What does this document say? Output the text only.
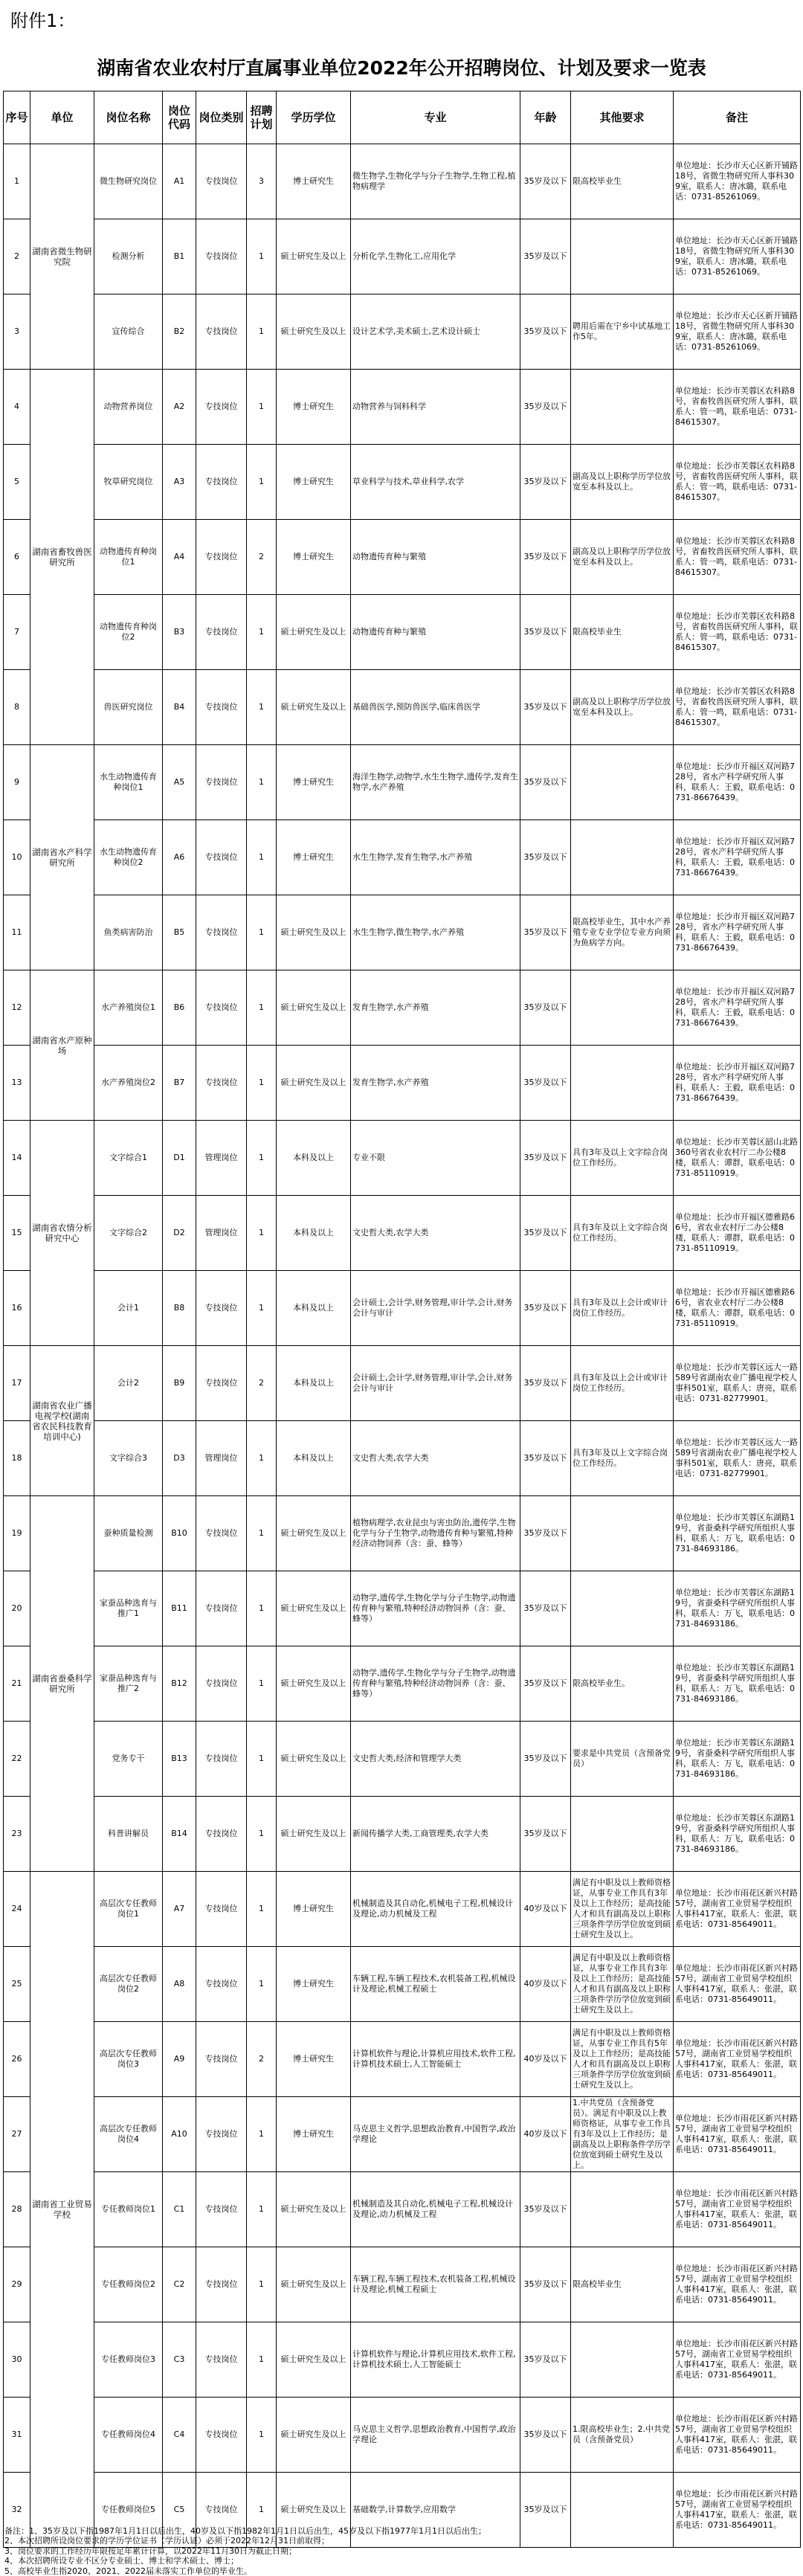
附件1：
湖南省农业农村厅直属事业单位2022年公开招聘岗位、计划及要求一览表
序号	单位	岗位名称	岗位代码	岗位类别	招聘计划	学历学位	专业	年龄	其他要求	备注
1	湖南省微生物研究院	微生物研究岗位	A1	专技岗位	3	博士研究生	微生物学,生物化学与分子生物学,生物工程,植物病理学	35岁及以下	限高校毕业生	单位地址：长沙市天心区新开铺路18号，省微生物研究所人事科309室，联系人：唐冰璐，联系电话：0731-85261069。
2		检测分析	B1	专技岗位	1	硕士研究生及以上	分析化学,生物化工,应用化学	35岁及以下		单位地址：长沙市天心区新开铺路18号，省微生物研究所人事科309室，联系人：唐冰璐，联系电话：0731-85261069。
3		宣传综合	B2	专技岗位	1	硕士研究生及以上	设计艺术学,美术硕士,艺术设计硕士	35岁及以下	聘用后需在宁乡中试基地工作5年。	单位地址：长沙市天心区新开铺路18号，省微生物研究所人事科309室，联系人：唐冰璐，联系电话：0731-85261069。
4	湖南省畜牧兽医研究所	动物营养岗位	A2	专技岗位	1	博士研究生	动物营养与饲料科学	35岁及以下		单位地址：长沙市芙蓉区农科路8号，省畜牧兽医研究所人事科，联系人：管一鸣，联系电话：0731-84615307。
5		牧草研究岗位	A3	专技岗位	1	博士研究生	草业科学与技术,草业科学,农学	35岁及以下	副高及以上职称学历学位放宽至本科及以上。	单位地址：长沙市芙蓉区农科路8号，省畜牧兽医研究所人事科，联系人：管一鸣，联系电话：0731-84615307。
6		动物遗传育种岗位1	A4	专技岗位	2	博士研究生	动物遗传育种与繁殖	35岁及以下	副高及以上职称学历学位放宽至本科及以上。	单位地址：长沙市芙蓉区农科路8号，省畜牧兽医研究所人事科，联系人：管一鸣，联系电话：0731-84615307。
7		动物遗传育种岗位2	B3	专技岗位	1	硕士研究生及以上	动物遗传育种与繁殖	35岁及以下	限高校毕业生	单位地址：长沙市芙蓉区农科路8号，省畜牧兽医研究所人事科，联系人：管一鸣，联系电话：0731-84615307。
8		兽医研究岗位	B4	专技岗位	1	硕士研究生及以上	基础兽医学,预防兽医学,临床兽医学	35岁及以下	副高及以上职称学历学位放宽至本科及以上。	单位地址：长沙市芙蓉区农科路8号，省畜牧兽医研究所人事科，联系人：管一鸣，联系电话：0731-84615307。
9	湖南省水产科学研究所	水生动物遗传育种岗位1	A5	专技岗位	1	博士研究生	海洋生物学,动物学,水生生物学,遗传学,发育生物学,水产养殖	35岁及以下		单位地址：长沙市开福区双河路728号，省水产科学研究所人事科，联系人：王毅，联系电话：0731-86676439。
10		水生动物遗传育种岗位2	A6	专技岗位	1	博士研究生	水生生物学,发育生物学,水产养殖	35岁及以下		单位地址：长沙市开福区双河路728号，省水产科学研究所人事科，联系人：王毅，联系电话：0731-86676439。
11		鱼类病害防治	B5	专技岗位	1	硕士研究生及以上	水生生物学,微生物学,水产养殖	35岁及以下	限高校毕业生，其中水产养殖专业专业学位专业方向须为鱼病学方向。	单位地址：长沙市开福区双河路728号，省水产科学研究所人事科，联系人：王毅，联系电话：0731-86676439。
12	湖南省水产原种场	水产养殖岗位1	B6	专技岗位	1	硕士研究生及以上	发育生物学,水产养殖	35岁及以下		单位地址：长沙市开福区双河路728号，省水产科学研究所人事科，联系人：王毅，联系电话：0731-86676439。
13		水产养殖岗位2	B7	专技岗位	1	硕士研究生及以上	发育生物学,水产养殖	35岁及以下		单位地址：长沙市开福区双河路728号，省水产科学研究所人事科，联系人：王毅，联系电话：0731-86676439。
14	湖南省农情分析研究中心	文字综合1	D1	管理岗位	1	本科及以上	专业不限	35岁及以下	具有3年及以上文字综合岗位工作经历。	单位地址：长沙市芙蓉区韶山北路360号省农业农村厅二办公楼8楼，联系人：谭群，联系电话：0731-85110919。
15		文字综合2	D2	管理岗位	1	本科及以上	文史哲大类,农学大类	35岁及以下	具有3年及以上文字综合岗位工作经历。	单位地址：长沙市开福区德雅路66号，省农业农村厅二办公楼8楼，联系人：谭群，联系电话：0731-85110919。
16		会计1	B8	专技岗位	1	本科及以上	会计硕士,会计学,财务管理,审计学,会计,财务会计与审计	35岁及以下	具有3年及以上会计或审计岗位工作经历。	单位地址：长沙市开福区德雅路66号，省农业农村厅二办公楼8楼，联系人：谭群，联系电话：0731-85110919。
17	湖南省农业广播电视学校(湖南省农民科技教育培训中心)	会计2	B9	专技岗位	2	本科及以上	会计硕士,会计学,财务管理,审计学,会计,财务会计与审计	35岁及以下	具有3年及以上会计或审计岗位工作经历。	单位地址：长沙市芙蓉区远大一路589号省湖南农业广播电视学校人事科501室，联系人：唐亮，联系电话：0731-82779901。
18		文字综合3	D3	管理岗位	1	本科及以上	文史哲大类,农学大类	35岁及以下	具有3年及以上文字综合岗位工作经历。	单位地址：长沙市芙蓉区远大一路589号省湖南农业广播电视学校人事科501室，联系人：唐亮，联系电话：0731-82779901。
19	湖南省蚕桑科学研究所	蚕种质量检测	B10	专技岗位	1	硕士研究生及以上	植物病理学,农业昆虫与害虫防治,遗传学,生物化学与分子生物学,动物遗传育种与繁殖,特种经济动物饲养（含：蚕、蜂等）	35岁及以下		单位地址：长沙市芙蓉区东湖路19号，省蚕桑科学研究所组织人事科，联系人：万飞，联系电话：0731-84693186。
20		家蚕品种选育与推广1	B11	专技岗位	1	硕士研究生及以上	动物学,遗传学,生物化学与分子生物学,动物遗传育种与繁殖,特种经济动物饲养（含：蚕、蜂等）	35岁及以下		单位地址：长沙市芙蓉区东湖路19号，省蚕桑科学研究所组织人事科，联系人：万飞，联系电话：0731-84693186。
21		家蚕品种选育与推广2	B12	专技岗位	1	硕士研究生及以上	动物学,遗传学,生物化学与分子生物学,动物遗传育种与繁殖,特种经济动物饲养（含：蚕、蜂等）	35岁及以下	限高校毕业生。	单位地址：长沙市芙蓉区东湖路19号，省蚕桑科学研究所组织人事科，联系人：万飞，联系电话：0731-84693186。
22		党务专干	B13	专技岗位	1	硕士研究生及以上	文史哲大类,经济和管理学大类	35岁及以下	要求是中共党员（含预备党员）	单位地址：长沙市芙蓉区东湖路19号，省蚕桑科学研究所组织人事科，联系人：万飞，联系电话：0731-84693186。
23		科普讲解员	B14	专技岗位	1	硕士研究生及以上	新闻传播学大类,工商管理类,农学大类	35岁及以下		单位地址：长沙市芙蓉区东湖路19号，省蚕桑科学研究所组织人事科，联系人：万飞，联系电话：0731-84693186。
24	湖南省工业贸易学校	高层次专任教师岗位1	A7	专技岗位	1	博士研究生	机械制造及其自动化,机械电子工程,机械设计及理论,动力机械及工程	40岁及以下	满足有中职及以上教师资格证，从事专业工作具有3年及以上工作经历；是高技能人才和具有副高及以上职称三项条件学历学位放宽到硕士研究生及以上。	单位地址：长沙市雨花区新兴村路57号，湖南省工业贸易学校组织人事科417室，联系人：张湛，联系电话：0731-85649011。
25		高层次专任教师岗位2	A8	专技岗位	1	博士研究生	车辆工程,车辆工程技术,农机装备工程,机械设计及理论,机械工程硕士	40岁及以下	满足有中职及以上教师资格证，从事专业工作具有3年及以上工作经历；是高技能人才和具有副高及以上职称三项条件学历学位放宽到硕士研究生及以上。	单位地址：长沙市雨花区新兴村路57号，湖南省工业贸易学校组织人事科417室，联系人：张湛，联系电话：0731-85649011。
26		高层次专任教师岗位3	A9	专技岗位	2	博士研究生	计算机软件与理论,计算机应用技术,软件工程,计算机技术硕士,人工智能硕士	40岁及以下	满足有中职及以上教师资格证，从事专业工作具有5年及以上工作经历；是高技能人才和具有副高及以上职称三项条件学历学位放宽到硕士研究生及以上。	单位地址：长沙市雨花区新兴村路57号，湖南省工业贸易学校组织人事科417室，联系人：张湛，联系电话：0731-85649011。
27		高层次专任教师岗位4	A10	专技岗位	1	博士研究生	马克思主义哲学,思想政治教育,中国哲学,政治学理论	40岁及以下	1.中共党员（含预备党员）。满足有中职及以上教师资格证，从事专业工作具有3年及以上工作经历；是副高及以上职称条件学历学位放宽到硕士研究生及以上。	单位地址：长沙市雨花区新兴村路57号，湖南省工业贸易学校组织人事科417室，联系人：张湛，联系电话：0731-85649011。
28		专任教师岗位1	C1	专技岗位	1	硕士研究生及以上	机械制造及其自动化,机械电子工程,机械设计及理论,动力机械及工程	35岁及以下		单位地址：长沙市雨花区新兴村路57号，湖南省工业贸易学校组织人事科417室，联系人：张湛，联系电话：0731-85649011。
29		专任教师岗位2	C2	专技岗位	1	硕士研究生及以上	车辆工程,车辆工程技术,农机装备工程,机械设计及理论,机械工程硕士	35岁及以下	限高校毕业生	单位地址：长沙市雨花区新兴村路57号，湖南省工业贸易学校组织人事科417室，联系人：张湛，联系电话：0731-85649011。
30		专任教师岗位3	C3	专技岗位	1	硕士研究生及以上	计算机软件与理论,计算机应用技术,软件工程,计算机技术硕士,人工智能硕士	35岁及以下		单位地址：长沙市雨花区新兴村路57号，湖南省工业贸易学校组织人事科417室，联系人：张湛，联系电话：0731-85649011。
31		专任教师岗位4	C4	专技岗位	1	硕士研究生及以上	马克思主义哲学,思想政治教育,中国哲学,政治学理论	35岁及以下	1.限高校毕业生；2.中共党员（含预备党员）	单位地址：长沙市雨花区新兴村路57号，湖南省工业贸易学校组织人事科417室，联系人：张湛，联系电话：0731-85649011。
32		专任教师岗位5	C5	专技岗位	1	硕士研究生及以上	基础数学,计算数学,应用数学	35岁及以下		单位地址：长沙市雨花区新兴村路57号，湖南省工业贸易学校组织人事科417室，联系人：张湛，联系电话：0731-85649011。
备注：1、35岁及以下指1987年1月1日以后出生，40岁及以下指1982年1月1日以后出生，45岁及以下指1977年1月1日以后出生；
2、本次招聘所设岗位要求的学历学位证书（学历认证）必须于2022年12月31日前取得；
3、岗位要求的工作经历年限按足年累计计算，以2022年11月30日为截止日期；
4、本次招聘所设专业不区分专业硕士、博士和学术硕士、博士；
5、高校毕业生指2020、2021、2022届未落实工作单位的毕业生。
